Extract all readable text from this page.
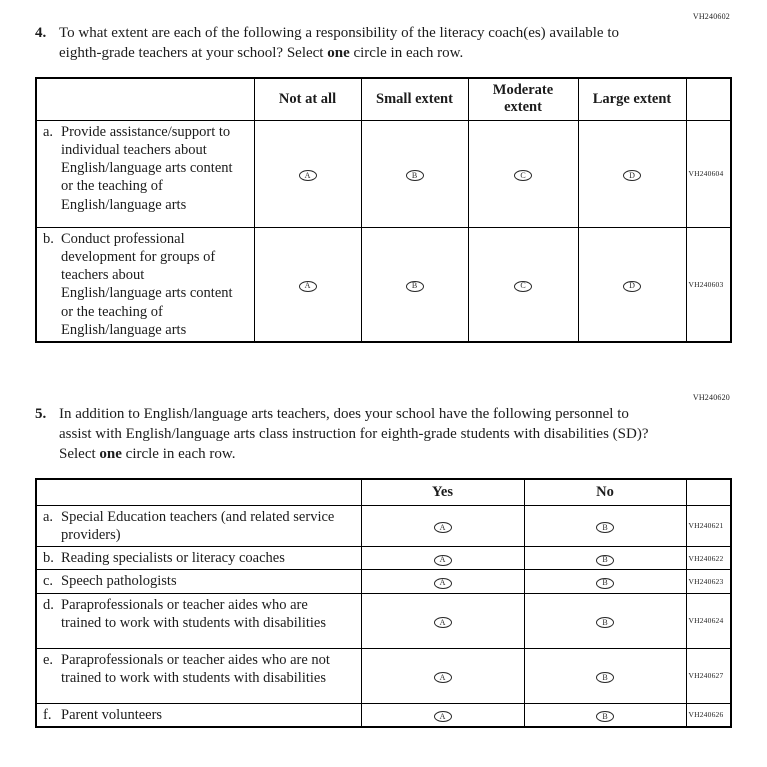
VH240602
4. To what extent are each of the following a responsibility of the literacy coach(es) available to eighth-grade teachers at your school? Select one circle in each row.
	Not at all	Small extent	Moderate extent	Large extent	

a. Provide assistance/support to individual teachers about English/language arts content or the teaching of English/language arts	A	B	C	D	VH240604

b. Conduct professional development for groups of teachers about English/language arts content or the teaching of English/language arts	A	B	C	D	VH240603
VH240620
5. In addition to English/language arts teachers, does your school have the following personnel to assist with English/language arts class instruction for eighth-grade students with disabilities (SD)? Select one circle in each row.
	Yes	No	

a. Special Education teachers (and related service providers)	A	B	VH240621

b. Reading specialists or literacy coaches	A	B	VH240622

c. Speech pathologists	A	B	VH240623

d. Paraprofessionals or teacher aides who are trained to work with students with disabilities	A	B	VH240624

e. Paraprofessionals or teacher aides who are not trained to work with students with disabilities	A	B	VH240627

f. Parent volunteers	A	B	VH240626
